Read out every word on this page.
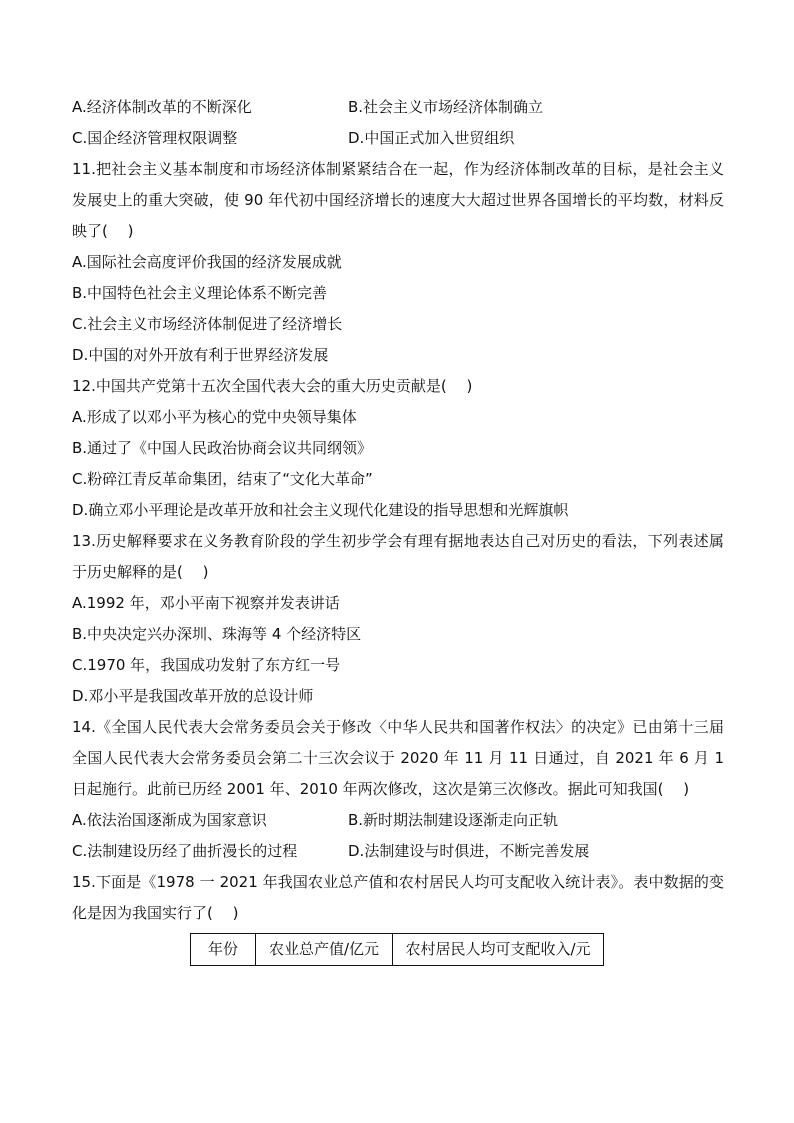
A.经济体制改革的不断深化	B.社会主义市场经济体制确立
C.国企经济管理权限调整	D.中国正式加入世贸组织
11.把社会主义基本制度和市场经济体制紧紧结合在一起，作为经济体制改革的目标，是社会主义发展史上的重大突破，使 90 年代初中国经济增长的速度大大超过世界各国增长的平均数，材料反映了(　 )
A.国际社会高度评价我国的经济发展成就
B.中国特色社会主义理论体系不断完善
C.社会主义市场经济体制促进了经济增长
D.中国的对外开放有利于世界经济发展
12.中国共产党第十五次全国代表大会的重大历史贡献是(　 )
A.形成了以邓小平为核心的党中央领导集体
B.通过了《中国人民政治协商会议共同纲领》
C.粉碎江青反革命集团，结束了“文化大革命”
D.确立邓小平理论是改革开放和社会主义现代化建设的指导思想和光辉旗帜
13.历史解释要求在义务教育阶段的学生初步学会有理有据地表达自己对历史的看法，下列表述属于历史解释的是(　 )
A.1992 年，邓小平南下视察并发表讲话
B.中央决定兴办深圳、珠海等 4 个经济特区
C.1970 年，我国成功发射了东方红一号
D.邓小平是我国改革开放的总设计师
14.《全国人民代表大会常务委员会关于修改〈中华人民共和国著作权法〉的决定》已由第十三届全国人民代表大会常务委员会第二十三次会议于 2020 年 11 月 11 日通过，自 2021 年 6 月 1 日起施行。此前已历经 2001 年、2010 年两次修改，这次是第三次修改。据此可知我国(　 )
A.依法治国逐渐成为国家意识	B.新时期法制建设逐渐走向正轨
C.法制建设历经了曲折漫长的过程	D.法制建设与时俱进，不断完善发展
15.下面是《1978 一 2021 年我国农业总产值和农村居民人均可支配收入统计表》。表中数据的变化是因为我国实行了(　 )
年份	农业总产值/亿元	农村居民人均可支配收入/元
